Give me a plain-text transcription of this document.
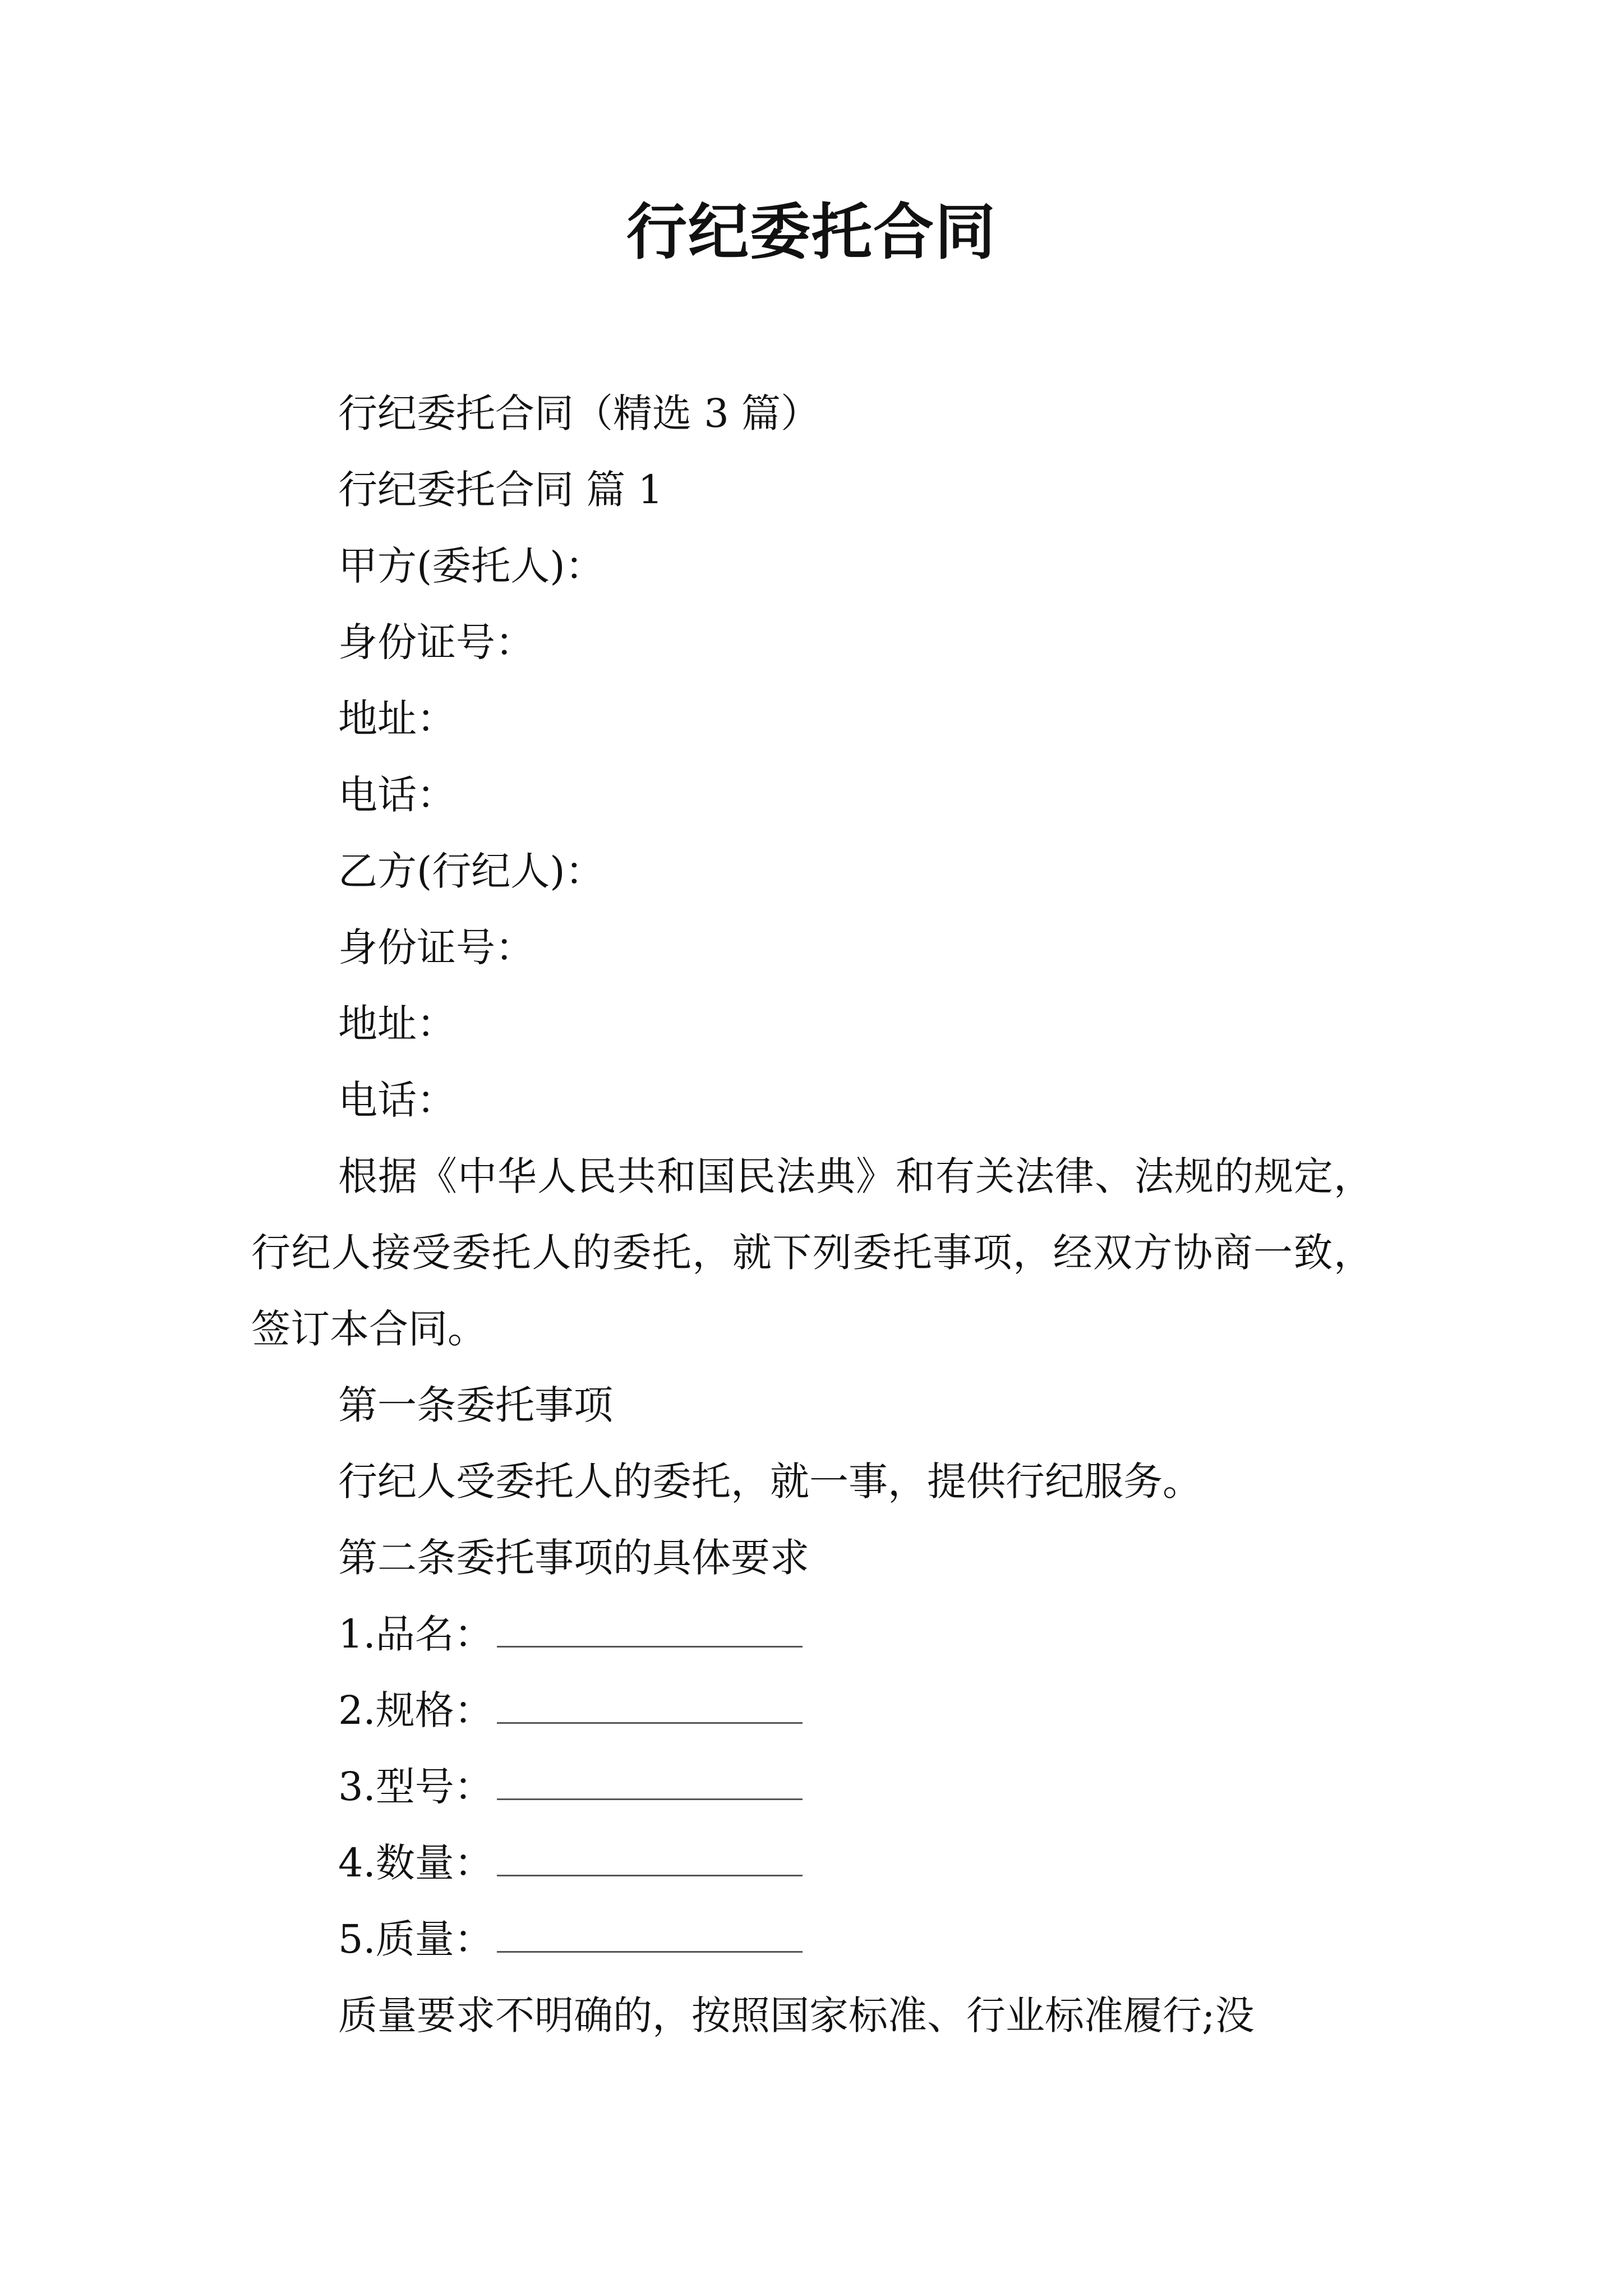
行纪委托合同

行纪委托合同（精选 3 篇）

行纪委托合同 篇 1

甲方(委托人)：

身份证号：

地址：

电话：

乙方(行纪人)：

身份证号：

地址：

电话：

根据《中华人民共和国民法典》和有关法律、法规的规定，行纪人接受委托人的委托，就下列委托事项，经双方协商一致，签订本合同。

第一条委托事项

行纪人受委托人的委托，就一事，提供行纪服务。

第二条委托事项的具体要求

1.品名：

2.规格：

3.型号：

4.数量：

5.质量：

质量要求不明确的，按照国家标准、行业标准履行;没
